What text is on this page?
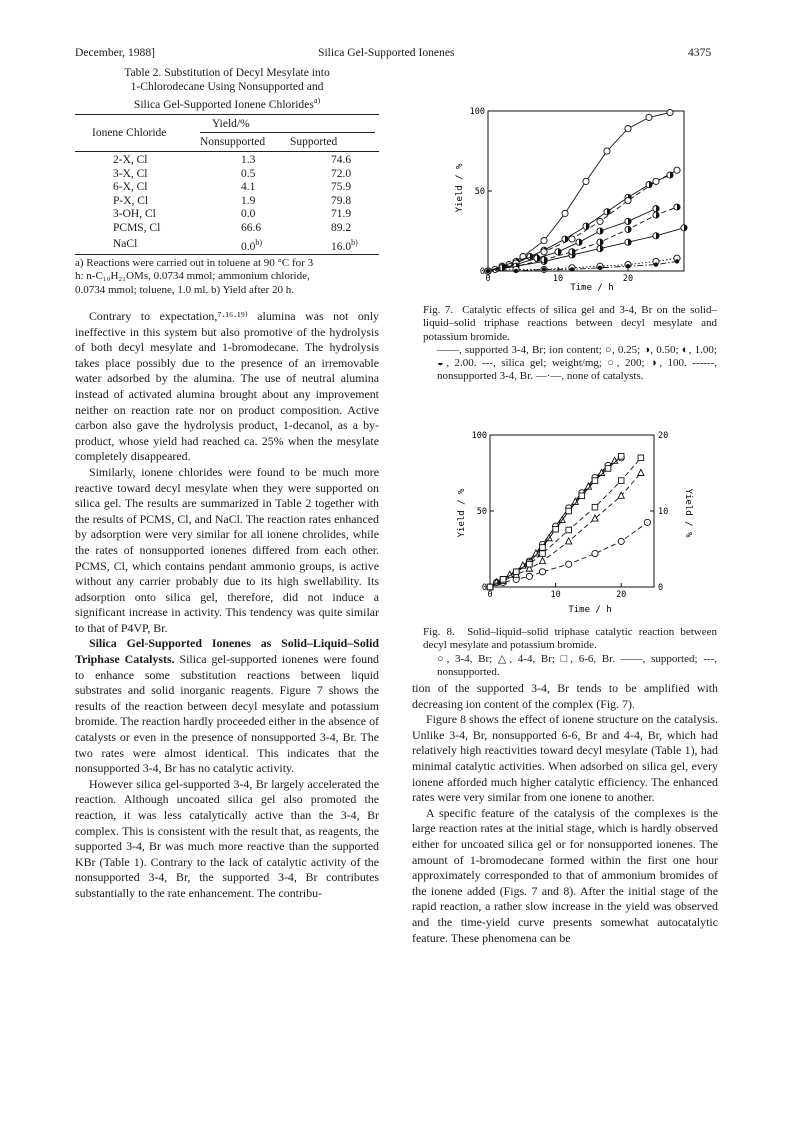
December, 1988]	Silica Gel-Supported Ionenes	4375
Table 2. Substitution of Decyl Mesylate into
1-Chlorodecane Using Nonsupported and
Silica Gel-Supported Ionene Chlorides$^{a)}$
Yield/%
Ionene Chloride
Nonsupported Supported
2-X, Cl	1.3	74.6
3-X, Cl	0.5	72.0
6-X, Cl	4.1	75.9
P-X, Cl	1.9	79.8
3-OH, Cl	0.0	71.9
PCMS, Cl	66.6	89.2
NaCl	0.0$^{b)}$	16.0$^{b)}$
a) Reactions were carried out in toluene at 90 °C for 3
h: n-C₁₀H₂₁OMs, 0.0734 mmol; ammonium chloride,
0.0734 mmol; toluene, 1.0 ml. b) Yield after 20 h.

Contrary to expectation,⁷·¹⁶·¹⁹⁾ alumina was not only ineffective in this system but also promotive of the hydrolysis of both decyl mesylate and 1-bromodecane. The hydrolysis takes place possibly due to the presence of an irremovable water adsorbed by the alumina. The use of neutral alumina instead of activated alumina brought about any improvement neither on reaction rate nor on product composition. Active carbon also gave the hydrolysis product, 1-decanol, as a by-product, whose yield had reached ca. 25% when the mesylate completely disappeared.

Similarly, ionene chlorides were found to be much more reactive toward decyl mesylate when they were supported on silica gel. The results are summarized in Table 2 together with the results of PCMS, Cl, and NaCl. The reaction rates enhanced by adsorption were very similar for all ionene chrolides, while the rates of nonsupported ionenes differed from each other. PCMS, Cl, which contains pendant ammonio groups, is active without any carrier probably due to its high swellability. Its adsorption onto silica gel, therefore, did not induce a significant increase in activity. This tendency was quite similar to that of P4VP, Br.

Silica Gel-Supported Ionenes as Solid–Liquid–Solid Triphase Catalysts. Silica gel-supported ionenes were found to enhance some substitution reactions between liquid substrates and solid inorganic reagents. Figure 7 shows the results of the reaction between decyl mesylate and potassium bromide. The reaction hardly proceeded either in the absence of catalysts or even in the presence of nonsupported 3-4, Br. The two rates were almost identical. This indicates that the nonsupported 3-4, Br has no catalytic activity.

However silica gel-supported 3-4, Br largely accelerated the reaction. Although uncoated silica gel also promoted the reaction, it was less catalytically active than the 3-4, Br complex. This is consistent with the result that, as reagents, the supported 3-4, Br was much more reactive than the supported KBr (Table 1). Contrary to the lack of catalytic activity of the nonsupported 3-4, Br, the supported 3-4, Br contributes substantially to the rate enhancement. The contribu-

0	10	20
0
50
100
Time / h
Yield / %
Fig. 7. Catalytic effects of silica gel and 3-4, Br on the solid–liquid–solid triphase reactions between decyl mesylate and potassium bromide.
——, supported 3-4, Br; ion content; ○, 0.25; ◑, 0.50; ◐, 1.00; ◒, 2.00. ---, silica gel; weight/mg; ○, 200; ◑, 100. ------, nonsupported 3-4, Br. —·—, none of catalysts.
0	10	20
0
50
100
0
10
20
Time / h
Yield / %	Yield / %
Fig. 8. Solid–liquid–solid triphase catalytic reaction between decyl mesylate and potassium bromide.
○, 3-4, Br; △, 4-4, Br; □, 6-6, Br. ——, supported; ---, nonsupported.

tion of the supported 3-4, Br tends to be amplified with decreasing ion content of the complex (Fig. 7).

Figure 8 shows the effect of ionene structure on the catalysis. Unlike 3-4, Br, nonsupported 6-6, Br and 4-4, Br, which had relatively high reactivities toward decyl mesylate (Table 1), had minimal catalytic activities. When adsorbed on silica gel, every ionene afforded much higher catalytic efficiency. The enhanced rates were very similar from one ionene to another.

A specific feature of the catalysis of the complexes is the large reaction rates at the initial stage, which is hardly observed either for uncoated silica gel or for nonsupported ionenes. The amount of 1-bromodecane formed within the first one hour approximately corresponded to that of ammonium bromides of the ionene added (Figs. 7 and 8). After the initial stage of the rapid reaction, a rather slow increase in the yield was observed and the time-yield curve presents somewhat autocatalytic feature. These phenomena can be
